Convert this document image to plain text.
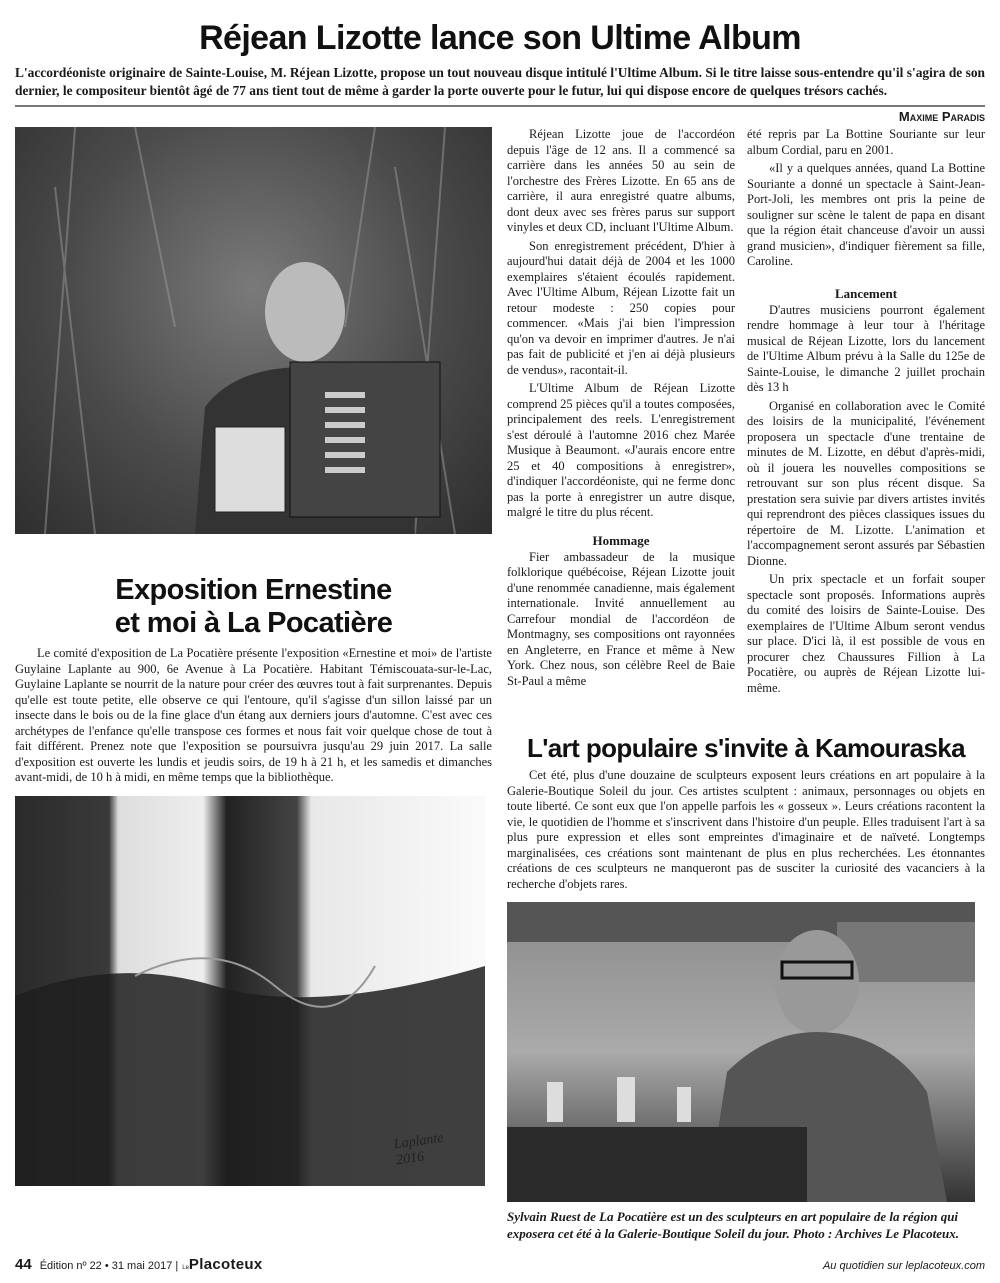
Réjean Lizotte lance son Ultime Album
L'accordéoniste originaire de Sainte-Louise, M. Réjean Lizotte, propose un tout nouveau disque intitulé l'Ultime Album. Si le titre laisse sous-entendre qu'il s'agira de son dernier, le compositeur bientôt âgé de 77 ans tient tout de même à garder la porte ouverte pour le futur, lui qui dispose encore de quelques trésors cachés.
Maxime Paradis
Exposition Ernestine
et moi à La Pocatière

Le comité d'exposition de La Pocatière présente l'exposition «Ernestine et moi» de l'artiste Guylaine Laplante au 900, 6e Avenue à La Pocatière. Habitant Témiscouata-sur-le-Lac, Guylaine Laplante se nourrit de la nature pour créer des œuvres tout à fait surprenantes. Depuis qu'elle est toute petite, elle observe ce qui l'entoure, qu'il s'agisse d'un sillon laissé par un insecte dans le bois ou de la fine glace d'un étang aux derniers jours d'automne. C'est avec ces archétypes de l'enfance qu'elle transpose ces formes et nous fait voir quelque chose de tout à fait différent. Prenez note que l'exposition se poursuivra jusqu'au 29 juin 2017. La salle d'exposition est ouverte les lundis et jeudis soirs, de 19 h à 21 h, et les samedis et dimanches avant-midi, de 10 h à midi, en même temps que la bibliothèque.

Laplante
2016

Réjean Lizotte joue de l'accordéon depuis l'âge de 12 ans. Il a commencé sa carrière dans les années 50 au sein de l'orchestre des Frères Lizotte. En 65 ans de carrière, il aura enregistré quatre albums, dont deux avec ses frères parus sur support vinyles et deux CD, incluant l'Ultime Album.

Son enregistrement précédent, D'hier à aujourd'hui datait déjà de 2004 et les 1000 exemplaires s'étaient écoulés rapidement. Avec l'Ultime Album, Réjean Lizotte fait un retour modeste : 250 copies pour commencer. «Mais j'ai bien l'impression qu'on va devoir en imprimer d'autres. Je n'ai pas fait de publicité et j'en ai déjà plusieurs de vendus», racontait-il.

L'Ultime Album de Réjean Lizotte comprend 25 pièces qu'il a toutes composées, principalement des reels. L'enregistrement s'est déroulé à l'automne 2016 chez Marée Musique à Beaumont. «J'aurais encore entre 25 et 40 compositions à enregistrer», d'indiquer l'accordéoniste, qui ne ferme donc pas la porte à enregistrer un autre disque, malgré le titre du plus récent.

Hommage

Fier ambassadeur de la musique folklorique québécoise, Réjean Lizotte jouit d'une renommée canadienne, mais également internationale. Invité annuellement au Carrefour mondial de l'accordéon de Montmagny, ses compositions ont rayonnées en Angleterre, en France et même à New York. Chez nous, son célèbre Reel de Baie St-Paul a même

été repris par La Bottine Souriante sur leur album Cordial, paru en 2001.

«Il y a quelques années, quand La Bottine Souriante a donné un spectacle à Saint-Jean-Port-Joli, les membres ont pris la peine de souligner sur scène le talent de papa en disant que la région était chanceuse d'avoir un aussi grand musicien», d'indiquer fièrement sa fille, Caroline.

Lancement

D'autres musiciens pourront également rendre hommage à leur tour à l'héritage musical de Réjean Lizotte, lors du lancement de l'Ultime Album prévu à la Salle du 125e de Sainte-Louise, le dimanche 2 juillet prochain dès 13 h

Organisé en collaboration avec le Comité des loisirs de la municipalité, l'événement proposera un spectacle d'une trentaine de minutes de M. Lizotte, en début d'après-midi, où il jouera les nouvelles compositions se retrouvant sur son plus récent disque. Sa prestation sera suivie par divers artistes invités qui reprendront des pièces classiques issues du répertoire de M. Lizotte. L'animation et l'accompagnement seront assurés par Sébastien Dionne.

Un prix spectacle et un forfait souper spectacle sont proposés. Informations auprès du comité des loisirs de Sainte-Louise. Des exemplaires de l'Ultime Album seront vendus sur place. D'ici là, il est possible de vous en procurer chez Chaussures Fillion à La Pocatière, ou auprès de Réjean Lizotte lui-même.

L'art populaire s'invite à Kamouraska

Cet été, plus d'une douzaine de sculpteurs exposent leurs créations en art populaire à la Galerie-Boutique Soleil du jour. Ces artistes sculptent : animaux, personnages ou objets en toute liberté. Ce sont eux que l'on appelle parfois les « gosseux ». Leurs créations racontent la vie, le quotidien de l'homme et s'inscrivent dans l'histoire d'un peuple. Elles traduisent l'art à sa plus pure expression et elles sont empreintes d'imaginaire et de naïveté. Longtemps marginalisées, ces créations sont maintenant de plus en plus recherchées. Les étonnantes créations de ces sculpteurs ne manqueront pas de susciter la curiosité des vacanciers à la recherche d'objets rares.

Sylvain Ruest de La Pocatière est un des sculpteurs en art populaire de la région qui exposera cet été à la Galerie-Boutique Soleil du jour. Photo : Archives Le Placoteux.
44 Édition nº 22 • 31 mai 2017 | LePlacoteux	Au quotidien sur leplacoteux.com
